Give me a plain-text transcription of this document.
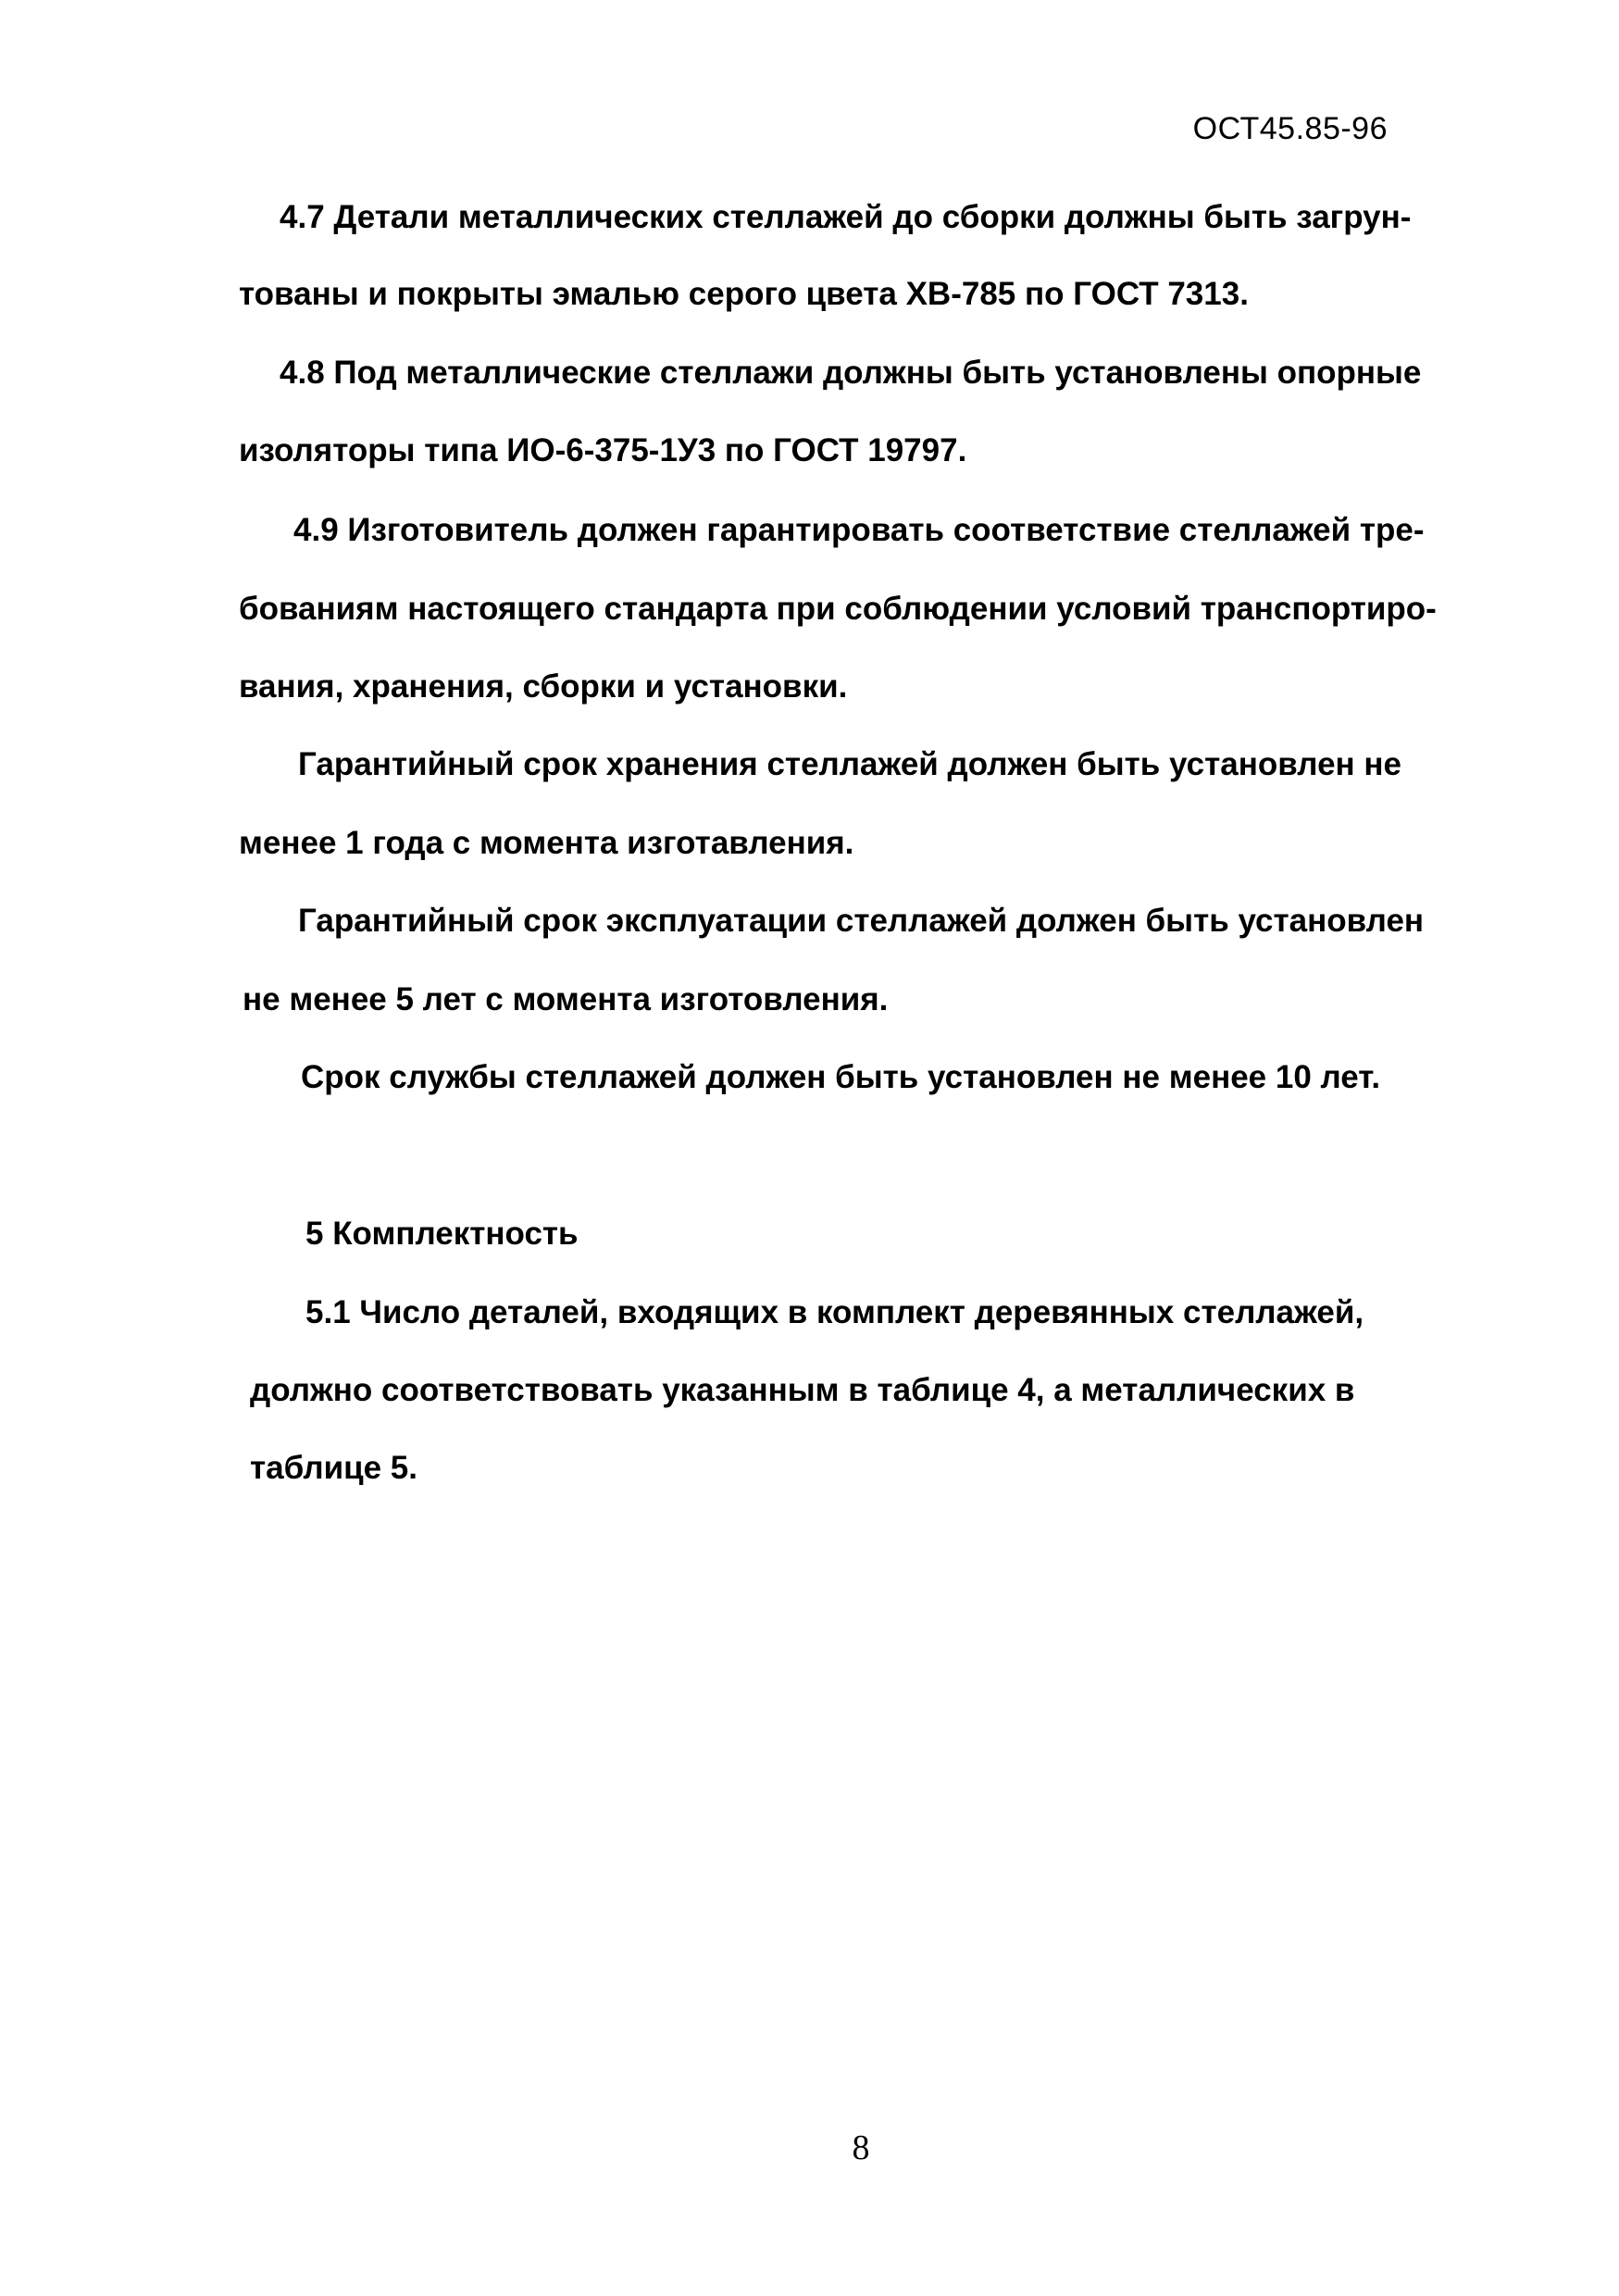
ОСТ45.85-96
4.7 Детали металлических стеллажей до сборки должны быть загрун-
тованы и покрыты эмалью серого цвета ХВ-785 по ГОСТ 7313.
4.8 Под металлические стеллажи должны быть установлены опорные
изоляторы типа ИО-6-375-1У3 по ГОСТ 19797.
4.9 Изготовитель должен гарантировать соответствие стеллажей тре-
бованиям настоящего стандарта при соблюдении условий транспортиро-
вания, хранения, сборки и установки.
Гарантийный срок хранения стеллажей должен быть установлен не
менее 1 года с момента изготавления.
Гарантийный срок эксплуатации стеллажей должен быть установлен
не менее 5 лет с момента изготовления.
Срок службы стеллажей должен быть установлен не менее 10 лет.
5 Комплектность
5.1 Число деталей, входящих в комплект деревянных стеллажей,
должно соответствовать указанным в таблице 4, а металлических в
таблице 5.
8
